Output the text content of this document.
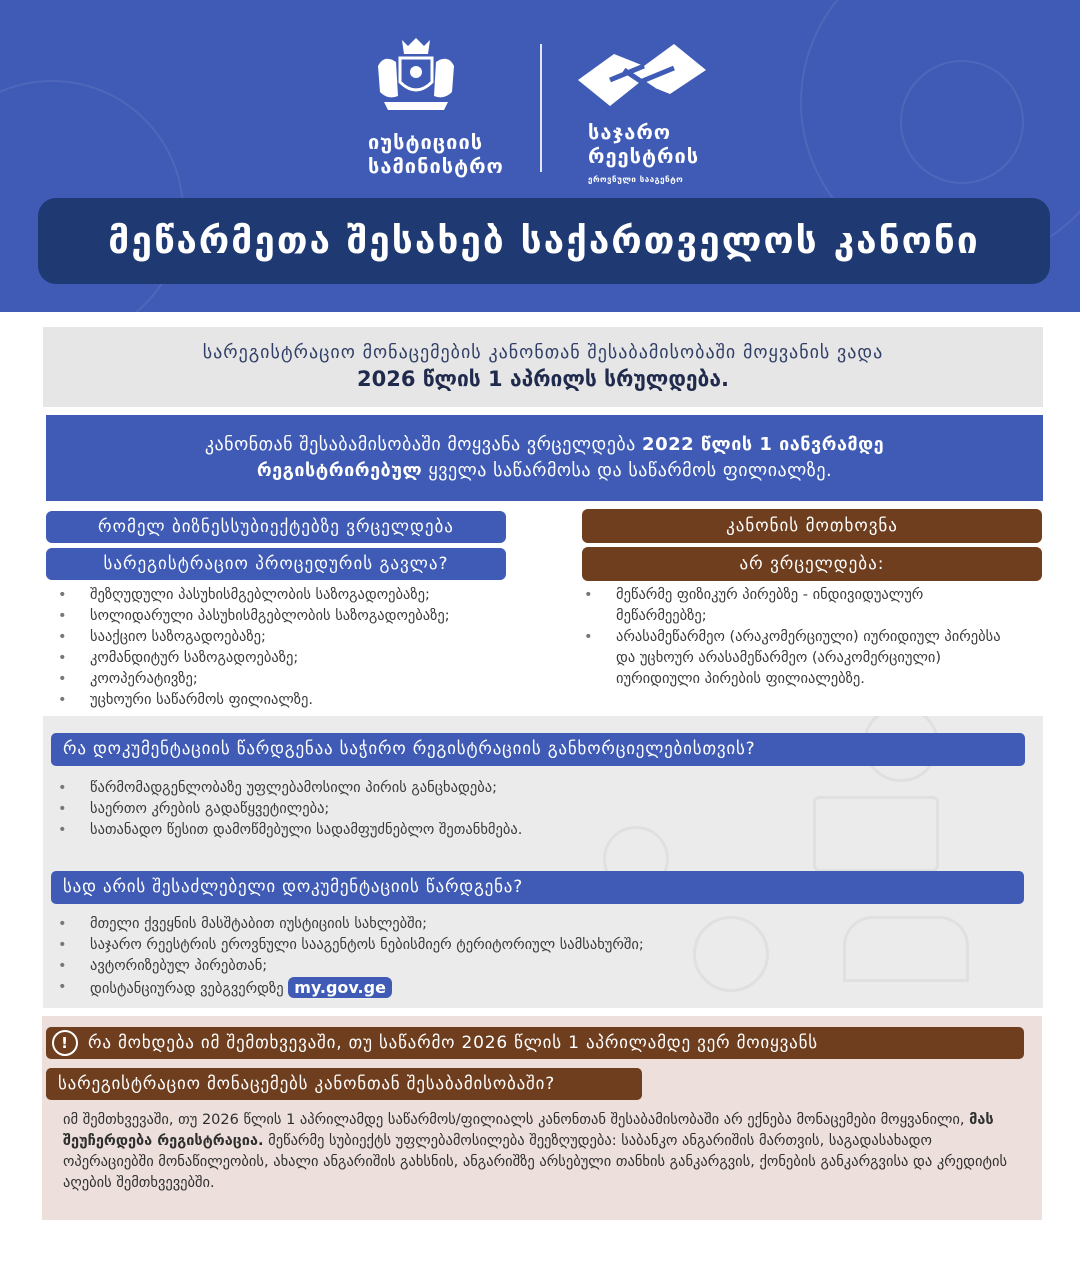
იუსტიციის
სამინისტრო
საჯარო
რეესტრის
ეროვნული სააგენტო
მეწარმეთა შესახებ საქართველოს კანონი
სარეგისტრაციო მონაცემების კანონთან შესაბამისობაში მოყვანის ვადა
2026 წლის 1 აპრილს სრულდება.
კანონთან შესაბამისობაში მოყვანა ვრცელდება 2022 წლის 1 იანვრამდე
რეგისტრირებულ ყველა საწარმოსა და საწარმოს ფილიალზე.
რომელ ბიზნესსუბიექტებზე ვრცელდება
სარეგისტრაციო პროცედურის გავლა?
• შეზღუდული პასუხისმგებლობის საზოგადოებაზე;
• სოლიდარული პასუხისმგებლობის საზოგადოებაზე;
• სააქციო საზოგადოებაზე;
• კომანდიტურ საზოგადოებაზე;
• კოოპერატივზე;
• უცხოური საწარმოს ფილიალზე.
კანონის მოთხოვნა
არ ვრცელდება:
• მეწარმე ფიზიკურ პირებზე - ინდივიდუალურ მეწარმეებზე;
• არასამეწარმეო (არაკომერციული) იურიდიულ პირებსა და უცხოურ არასამეწარმეო (არაკომერციული) იურიდიული პირების ფილიალებზე.
რა დოკუმენტაციის წარდგენაა საჭირო რეგისტრაციის განხორციელებისთვის?
• წარმომადგენლობაზე უფლებამოსილი პირის განცხადება;
• საერთო კრების გადაწყვეტილება;
• სათანადო წესით დამოწმებული სადამფუძნებლო შეთანხმება.
სად არის შესაძლებელი დოკუმენტაციის წარდგენა?
• მთელი ქვეყნის მასშტაბით იუსტიციის სახლებში;
• საჯარო რეესტრის ეროვნული სააგენტოს ნებისმიერ ტერიტორიულ სამსახურში;
• ავტორიზებულ პირებთან;
• დისტანციურად ვებგვერდზე my.gov.ge
! რა მოხდება იმ შემთხვევაში, თუ საწარმო 2026 წლის 1 აპრილამდე ვერ მოიყვანს
სარეგისტრაციო მონაცემებს კანონთან შესაბამისობაში?
იმ შემთხვევაში, თუ 2026 წლის 1 აპრილამდე საწარმოს/ფილიალს კანონთან შესაბამისობაში არ ექნება მონაცემები მოყვანილი, მას შეუჩერდება რეგისტრაცია. მეწარმე სუბიექტს უფლებამოსილება შეეზღუდება: საბანკო ანგარიშის მართვის, საგადასახადო ოპერაციებში მონაწილეობის, ახალი ანგარიშის გახსნის, ანგარიშზე არსებული თანხის განკარგვის, ქონების განკარგვისა და კრედიტის აღების შემთხვევებში.
